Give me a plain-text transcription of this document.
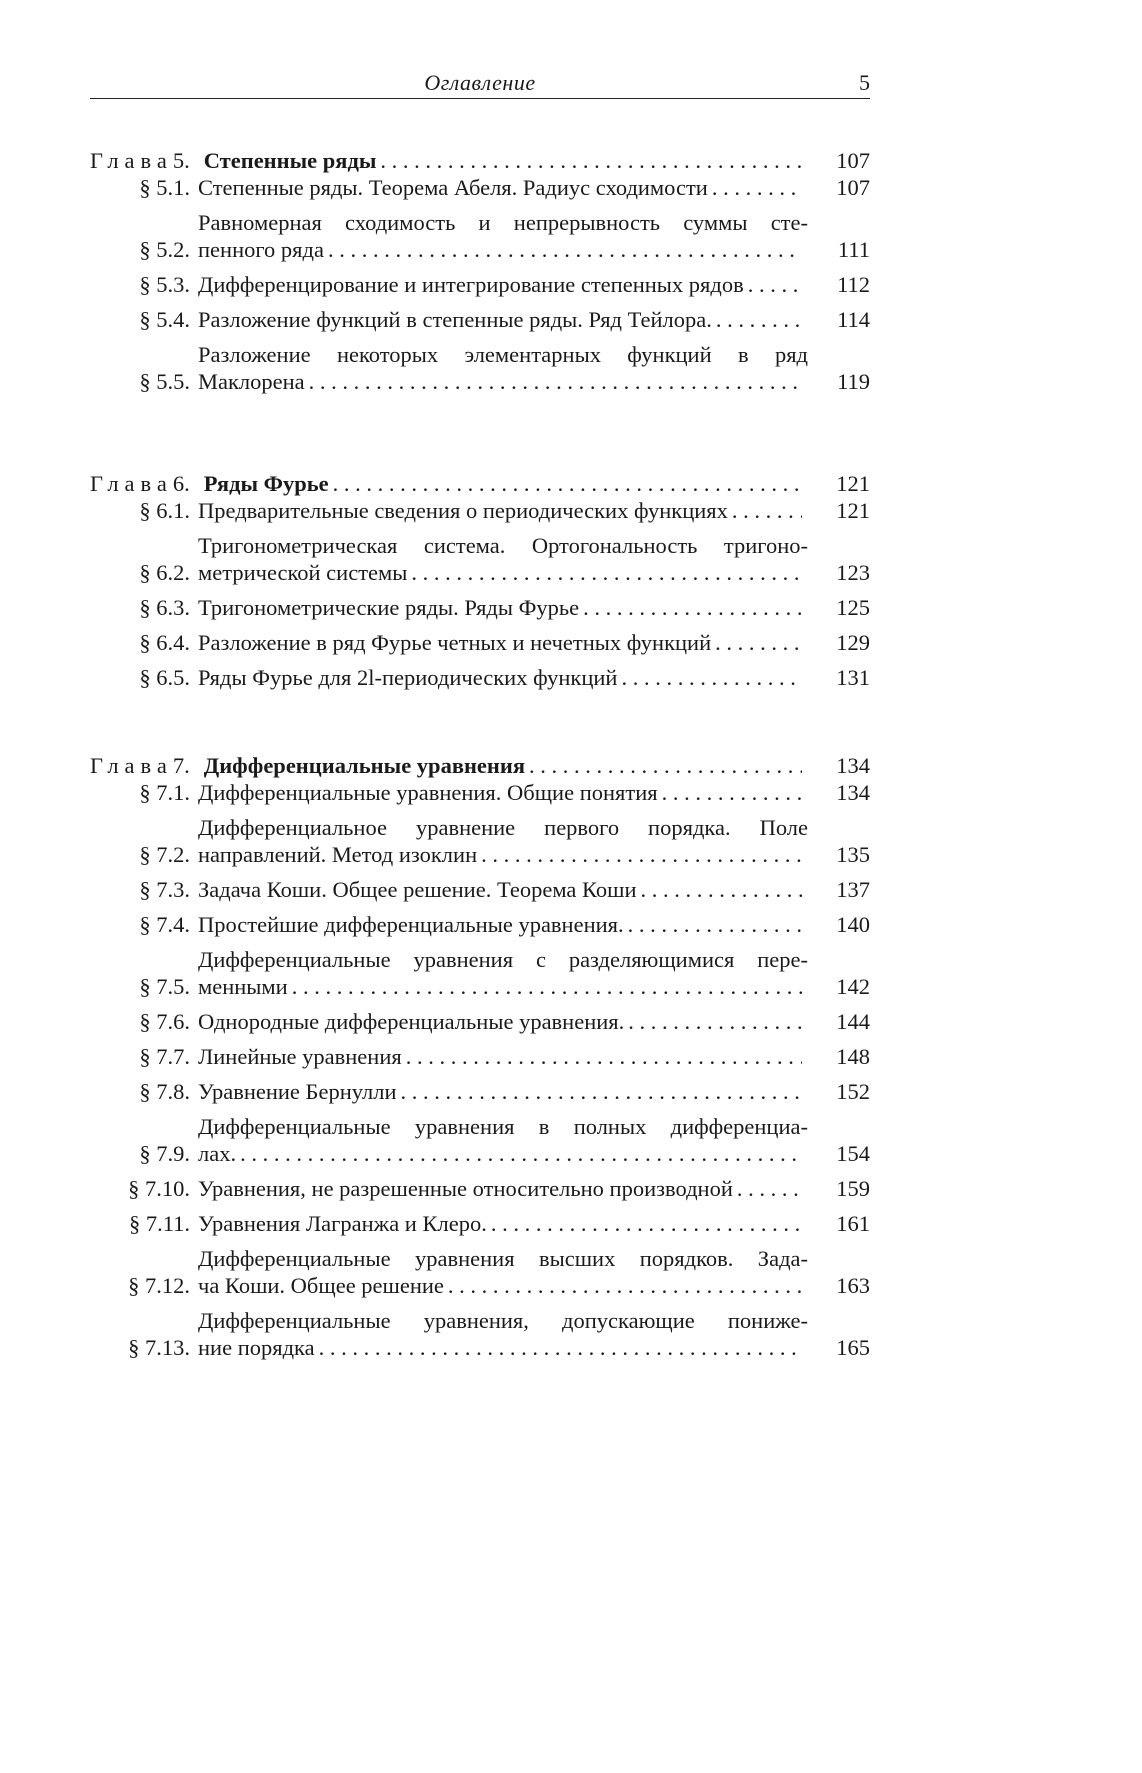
Оглавление	5
Глава5. Степенные ряды . . .	107
§ 5.1. Степенные ряды. Теорема Абеля. Радиус сходимости . . .	107
§ 5.2.
Равномерная сходимость и непрерывность суммы сте-
пенного ряда . . .	111
§ 5.3. Дифференцирование и интегрирование степенных рядов . . .	112
§ 5.4. Разложение функций в степенные ряды. Ряд Тейлора. . . .	114
§ 5.5.
Разложение некоторых элементарных функций в ряд
Маклорена . . .	119
Глава6. Ряды Фурье . . .	121
§ 6.1. Предварительные сведения о периодических функциях . . .	121
§ 6.2.
Тригонометрическая система. Ортогональность тригоно-
метрической системы . . .	123
§ 6.3. Тригонометрические ряды. Ряды Фурье . . .	125
§ 6.4. Разложение в ряд Фурье четных и нечетных функций . . .	129
§ 6.5. Ряды Фурье для 2l-периодических функций . . .	131
Глава7. Дифференциальные уравнения . . .	134
§ 7.1. Дифференциальные уравнения. Общие понятия . . .	134
§ 7.2.
Дифференциальное уравнение первого порядка. Поле
направлений. Метод изоклин . . .	135
§ 7.3. Задача Коши. Общее решение. Теорема Коши . . .	137
§ 7.4. Простейшие дифференциальные уравнения. . . .	140
§ 7.5.
Дифференциальные уравнения с разделяющимися пере-
менными . . .	142
§ 7.6. Однородные дифференциальные уравнения. . . .	144
§ 7.7. Линейные уравнения . . .	148
§ 7.8. Уравнение Бернулли . . .	152
§ 7.9.
Дифференциальные уравнения в полных дифференциа-
лах. . . .	154
§ 7.10. Уравнения, не разрешенные относительно производной . . .	159
§ 7.11. Уравнения Лагранжа и Клеро. . . .	161
§ 7.12.
Дифференциальные уравнения высших порядков. Зада-
ча Коши. Общее решение . . .	163
§ 7.13.
Дифференциальные уравнения, допускающие пониже-
ние порядка . . .	165
